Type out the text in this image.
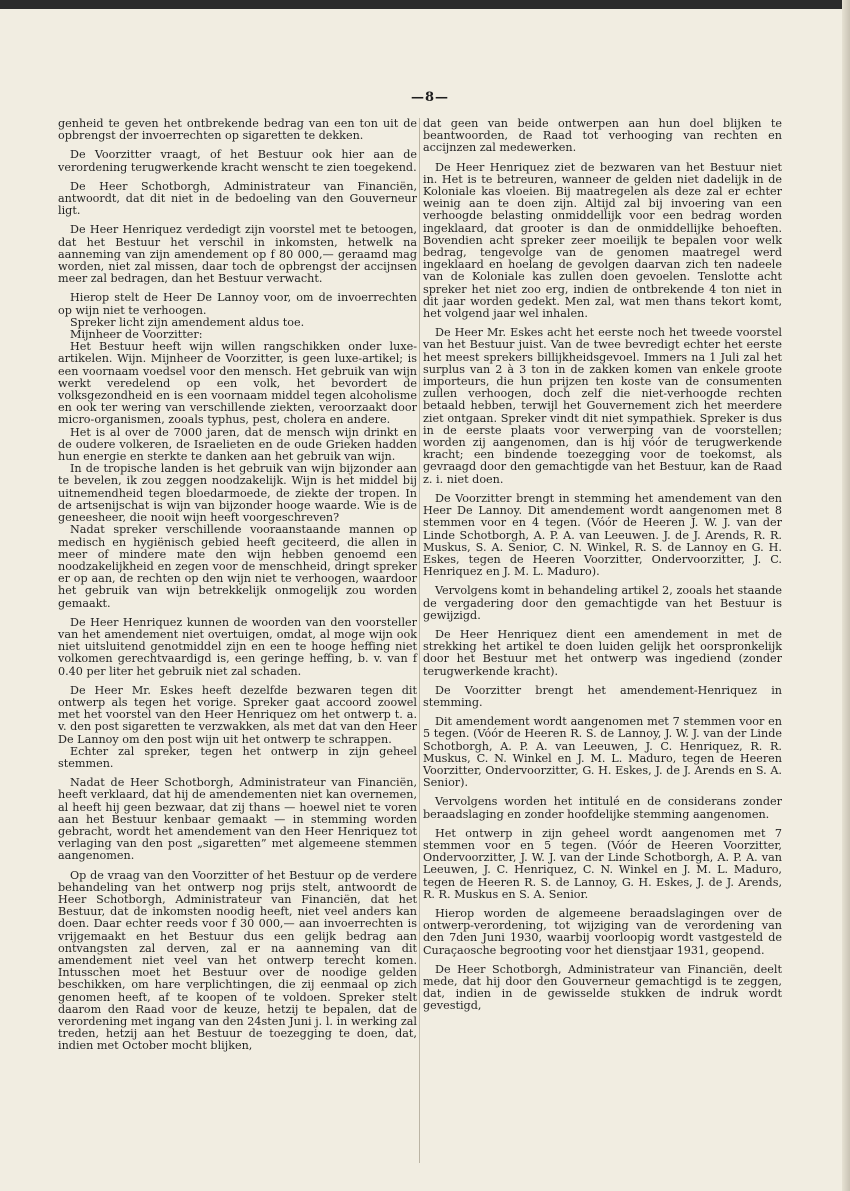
—8—

genheid te geven het ontbrekende bedrag van een ton uit de opbrengst der invoerrechten op sigaretten te dekken.

De Voorzitter vraagt, of het Bestuur ook hier aan de verordening terugwerkende kracht wenscht te zien toegekend.

De Heer Schotborgh, Administrateur van Financiën, antwoordt, dat dit niet in de bedoeling van den Gouverneur ligt.

De Heer Henriquez verdedigt zijn voorstel met te betoogen, dat het Bestuur het verschil in inkomsten, hetwelk na aanneming van zijn amendement op f 80 000,— geraamd mag worden, niet zal missen, daar toch de opbrengst der accijnsen meer zal bedragen, dan het Bestuur verwacht.

Hierop stelt de Heer De Lannoy voor, om de invoerrechten op wijn niet te verhoogen.

Spreker licht zijn amendement aldus toe.

Mijnheer de Voorzitter:

Het Bestuur heeft wijn willen rangschikken onder luxe-artikelen. Wijn. Mijnheer de Voorzitter, is geen luxe-artikel; is een voornaam voedsel voor den mensch. Het gebruik van wijn werkt veredelend op een volk, het bevordert de volksgezondheid en is een voornaam middel tegen alcoholisme en ook ter wering van verschillende ziekten, veroorzaakt door micro-organismen, zooals typhus, pest, cholera en andere.

Het is al over de 7000 jaren, dat de mensch wijn drinkt en de oudere volkeren, de Israelieten en de oude Grieken hadden hun energie en sterkte te danken aan het gebruik van wijn.

In de tropische landen is het gebruik van wijn bijzonder aan te bevelen, ik zou zeggen noodzakelijk. Wijn is het middel bij uitnemendheid tegen bloedarmoede, de ziekte der tropen. In de artsenijschat is wijn van bijzonder hooge waarde. Wie is de geneesheer, die nooit wijn heeft voorgeschreven?

Nadat spreker verschillende vooraanstaande mannen op medisch en hygiënisch gebied heeft geciteerd, die allen in meer of mindere mate den wijn hebben genoemd een noodzakelijkheid en zegen voor de menschheid, dringt spreker er op aan, de rechten op den wijn niet te verhoogen, waardoor het gebruik van wijn betrekkelijk onmogelijk zou worden gemaakt.

De Heer Henriquez kunnen de woorden van den voorsteller van het amendement niet overtuigen, omdat, al moge wijn ook niet uitsluitend genotmiddel zijn en een te hooge heffing niet volkomen gerechtvaardigd is, een geringe heffing, b. v. van f 0.40 per liter het gebruik niet zal schaden.

De Heer Mr. Eskes heeft dezelfde bezwaren tegen dit ontwerp als tegen het vorige. Spreker gaat accoord zoowel met het voorstel van den Heer Henriquez om het ontwerp t. a. v. den post sigaretten te verzwakken, als met dat van den Heer De Lannoy om den post wijn uit het ontwerp te schrappen.

Echter zal spreker, tegen het ontwerp in zijn geheel stemmen.

Nadat de Heer Schotborgh, Administrateur van Financiën, heeft verklaard, dat hij de amendementen niet kan overnemen, al heeft hij geen bezwaar, dat zij thans — hoewel niet te voren aan het Bestuur kenbaar gemaakt — in stemming worden gebracht, wordt het amendement van den Heer Henriquez tot verlaging van den post „sigaretten” met algemeene stemmen aangenomen.

Op de vraag van den Voorzitter of het Bestuur op de verdere behandeling van het ontwerp nog prijs stelt, antwoordt de Heer Schotborgh, Administrateur van Financiën, dat het Bestuur, dat de inkomsten noodig heeft, niet veel anders kan doen. Daar echter reeds voor f 30 000,— aan invoerrechten is vrijgemaakt en het Bestuur dus een gelijk bedrag aan ontvangsten zal derven, zal er na aanneming van dit amendement niet veel van het ontwerp terecht komen. Intusschen moet het Bestuur over de noodige gelden beschikken, om hare verplichtingen, die zij eenmaal op zich genomen heeft, af te koopen of te voldoen. Spreker stelt daarom den Raad voor de keuze, hetzij te bepalen, dat de verordening met ingang van den 24sten Juni j. l. in werking zal treden, hetzij aan het Bestuur de toezegging te doen, dat, indien met October mocht blijken,

dat geen van beide ontwerpen aan hun doel blijken te beantwoorden, de Raad tot verhooging van rechten en accijnzen zal medewerken.

De Heer Henriquez ziet de bezwaren van het Bestuur niet in. Het is te betreuren, wanneer de gelden niet dadelijk in de Koloniale kas vloeien. Bij maatregelen als deze zal er echter weinig aan te doen zijn. Altijd zal bij invoering van een verhoogde belasting onmiddellijk voor een bedrag worden ingeklaard, dat grooter is dan de onmiddellijke behoeften. Bovendien acht spreker zeer moeilijk te bepalen voor welk bedrag, tengevolge van de genomen maatregel werd ingeklaard en hoelang de gevolgen daarvan zich ten nadeele van de Koloniale kas zullen doen gevoelen. Tenslotte acht spreker het niet zoo erg, indien de ontbrekende 4 ton niet in dit jaar worden gedekt. Men zal, wat men thans tekort komt, het volgend jaar wel inhalen.

De Heer Mr. Eskes acht het eerste noch het tweede voorstel van het Bestuur juist. Van de twee bevredigt echter het eerste het meest sprekers billijkheidsgevoel. Immers na 1 Juli zal het surplus van 2 à 3 ton in de zakken komen van enkele groote importeurs, die hun prijzen ten koste van de consumenten zullen verhoogen, doch zelf die niet-verhoogde rechten betaald hebben, terwijl het Gouvernement zich het meerdere ziet ontgaan. Spreker vindt dit niet sympathiek. Spreker is dus in de eerste plaats voor verwerping van de voorstellen; worden zij aangenomen, dan is hij vóór de terugwerkende kracht; een bindende toezegging voor de toekomst, als gevraagd door den gemachtigde van het Bestuur, kan de Raad z. i. niet doen.

De Voorzitter brengt in stemming het amendement van den Heer De Lannoy. Dit amendement wordt aangenomen met 8 stemmen voor en 4 tegen. (Vóór de Heeren J. W. J. van der Linde Schotborgh, A. P. A. van Leeuwen. J. de J. Arends, R. R. Muskus, S. A. Senior, C. N. Winkel, R. S. de Lannoy en G. H. Eskes, tegen de Heeren Voorzitter, Ondervoorzitter, J. C. Henriquez en J. M. L. Maduro).

Vervolgens komt in behandeling artikel 2, zooals het staande de vergadering door den gemachtigde van het Bestuur is gewijzigd.

De Heer Henriquez dient een amendement in met de strekking het artikel te doen luiden gelijk het oorspronkelijk door het Bestuur met het ontwerp was ingediend (zonder terugwerkende kracht).

De Voorzitter brengt het amendement-Henriquez in stemming.

Dit amendement wordt aangenomen met 7 stemmen voor en 5 tegen. (Vóór de Heeren R. S. de Lannoy, J. W. J. van der Linde Schotborgh, A. P. A. van Leeuwen, J. C. Henriquez, R. R. Muskus, C. N. Winkel en J. M. L. Maduro, tegen de Heeren Voorzitter, Ondervoorzitter, G. H. Eskes, J. de J. Arends en S. A. Senior).

Vervolgens worden het intitulé en de considerans zonder beraadslaging en zonder hoofdelijke stemming aangenomen.

Het ontwerp in zijn geheel wordt aangenomen met 7 stemmen voor en 5 tegen. (Vóór de Heeren Voorzitter, Ondervoorzitter, J. W. J. van der Linde Schotborgh, A. P. A. van Leeuwen, J. C. Henriquez, C. N. Winkel en J. M. L. Maduro, tegen de Heeren R. S. de Lannoy, G. H. Eskes, J. de J. Arends, R. R. Muskus en S. A. Senior.

Hierop worden de algemeene beraadslagingen over de ontwerp-verordening, tot wijziging van de verordening van den 7den Juni 1930, waarbij voorloopig wordt vastgesteld de Curaçaosche begrooting voor het dienstjaar 1931, geopend.

De Heer Schotborgh, Administrateur van Financiën, deelt mede, dat hij door den Gouverneur gemachtigd is te zeggen, dat, indien in de gewisselde stukken de indruk wordt gevestigd,
